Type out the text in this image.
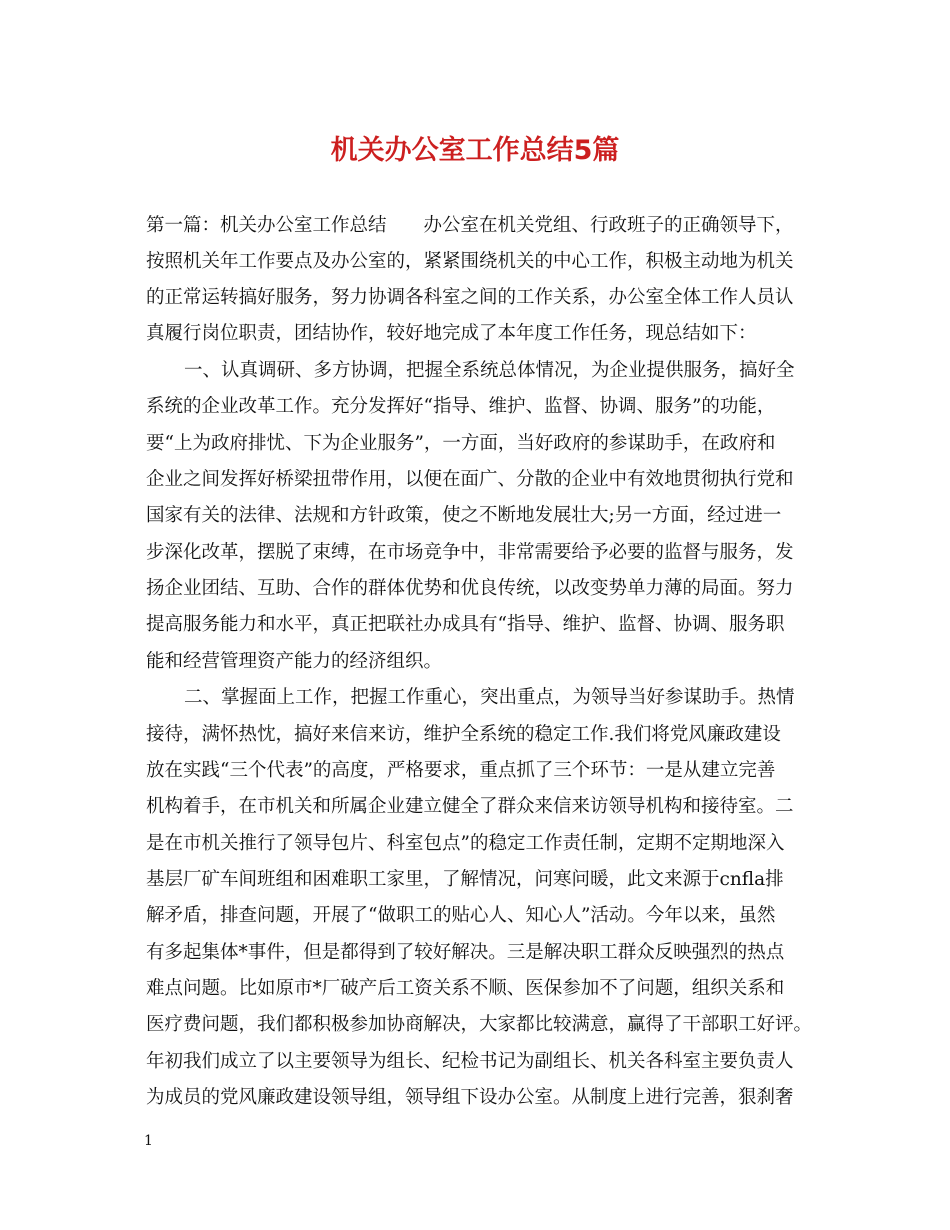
机关办公室工作总结5篇

第一篇：机关办公室工作总结　　办公室在机关党组、行政班子的正确领导下，

按照机关年工作要点及办公室的，紧紧围绕机关的中心工作，积极主动地为机关

的正常运转搞好服务，努力协调各科室之间的工作关系，办公室全体工作人员认

真履行岗位职责，团结协作，较好地完成了本年度工作任务，现总结如下：

一、认真调研、多方协调，把握全系统总体情况，为企业提供服务，搞好全

系统的企业改革工作。充分发挥好“指导、维护、监督、协调、服务”的功能，

要“上为政府排忧、下为企业服务”，一方面，当好政府的参谋助手，在政府和

企业之间发挥好桥梁扭带作用，以便在面广、分散的企业中有效地贯彻执行党和

国家有关的法律、法规和方针政策，使之不断地发展壮大;另一方面，经过进一

步深化改革，摆脱了束缚，在市场竞争中，非常需要给予必要的监督与服务，发

扬企业团结、互助、合作的群体优势和优良传统，以改变势单力薄的局面。努力

提高服务能力和水平，真正把联社办成具有“指导、维护、监督、协调、服务职

能和经营管理资产能力的经济组织。

二、掌握面上工作，把握工作重心，突出重点，为领导当好参谋助手。热情

接待，满怀热忱，搞好来信来访，维护全系统的稳定工作.我们将党风廉政建设

放在实践“三个代表”的高度，严格要求，重点抓了三个环节：一是从建立完善

机构着手，在市机关和所属企业建立健全了群众来信来访领导机构和接待室。二

是在市机关推行了领导包片、科室包点”的稳定工作责任制，定期不定期地深入

基层厂矿车间班组和困难职工家里，了解情况，问寒问暖，此文来源于cnfla排

解矛盾，排查问题，开展了“做职工的贴心人、知心人”活动。今年以来，虽然

有多起集体*事件，但是都得到了较好解决。三是解决职工群众反映强烈的热点

难点问题。比如原市*厂破产后工资关系不顺、医保参加不了问题，组织关系和

医疗费问题，我们都积极参加协商解决，大家都比较满意，赢得了干部职工好评。

年初我们成立了以主要领导为组长、纪检书记为副组长、机关各科室主要负责人

为成员的党风廉政建设领导组，领导组下设办公室。从制度上进行完善，狠刹奢

1
